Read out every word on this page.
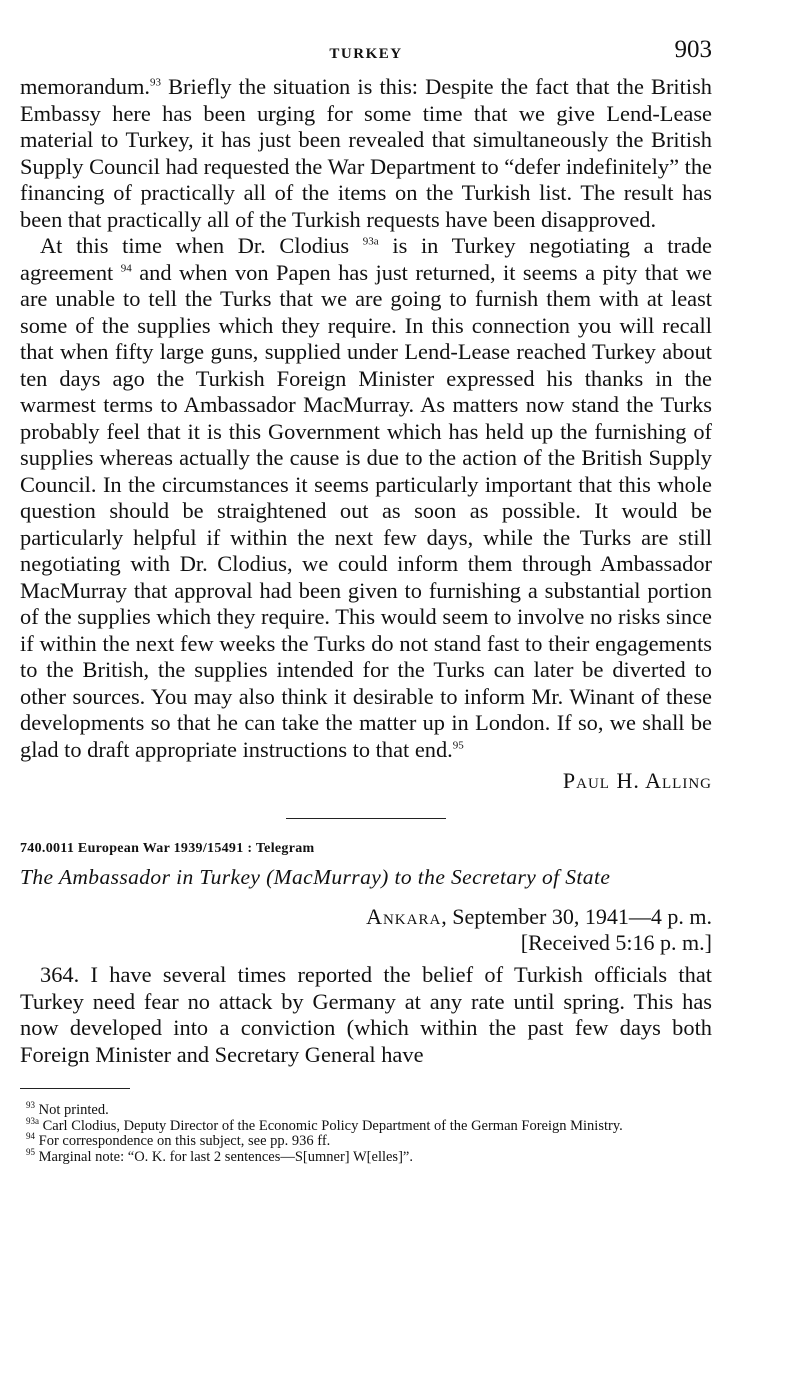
TURKEY	903

memorandum.$^{93}$ Briefly the situation is this: Despite the fact that the British Embassy here has been urging for some time that we give Lend-Lease material to Turkey, it has just been revealed that simultaneously the British Supply Council had requested the War Department to “defer indefinitely” the financing of practically all of the items on the Turkish list. The result has been that practically all of the Turkish requests have been disapproved.

At this time when Dr. Clodius $^{93a}$ is in Turkey negotiating a trade agreement $^{94}$ and when von Papen has just returned, it seems a pity that we are unable to tell the Turks that we are going to furnish them with at least some of the supplies which they require. In this connection you will recall that when fifty large guns, supplied under Lend-Lease reached Turkey about ten days ago the Turkish Foreign Minister expressed his thanks in the warmest terms to Ambassador MacMurray. As matters now stand the Turks probably feel that it is this Government which has held up the furnishing of supplies whereas actually the cause is due to the action of the British Supply Council. In the circumstances it seems particularly important that this whole question should be straightened out as soon as possible. It would be particularly helpful if within the next few days, while the Turks are still negotiating with Dr. Clodius, we could inform them through Ambassador MacMurray that approval had been given to furnishing a substantial portion of the supplies which they require. This would seem to involve no risks since if within the next few weeks the Turks do not stand fast to their engagements to the British, the supplies intended for the Turks can later be diverted to other sources. You may also think it desirable to inform Mr. Winant of these developments so that he can take the matter up in London. If so, we shall be glad to draft appropriate instructions to that end.$^{95}$

Paul H. Alling
740.0011 European War 1939/15491 : Telegram
The Ambassador in Turkey (MacMurray) to the Secretary of State
Ankara, September 30, 1941—4 p. m.
[Received 5:16 p. m.]

364. I have several times reported the belief of Turkish officials that Turkey need fear no attack by Germany at any rate until spring. This has now developed into a conviction (which within the past few days both Foreign Minister and Secretary General have

$^{93}$ Not printed.

$^{93a}$ Carl Clodius, Deputy Director of the Economic Policy Department of the German Foreign Ministry.

$^{94}$ For correspondence on this subject, see pp. 936 ff.

$^{95}$ Marginal note: “O. K. for last 2 sentences—S[umner] W[elles]”.
